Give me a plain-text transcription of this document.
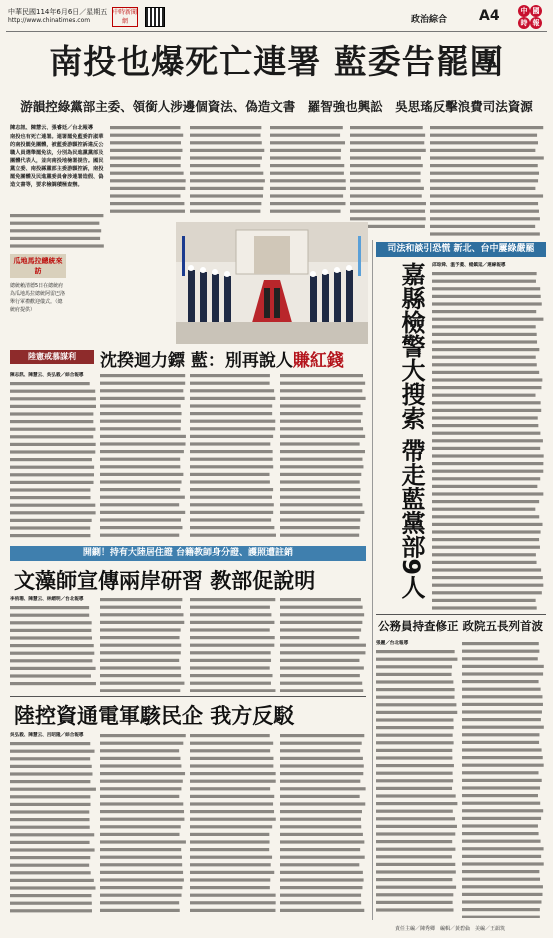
中華民國114年6月6日／星期五
http://www.chinatimes.com
中時新聞網	政治綜合 A4	中 國
時 報
南投也爆死亡連署 藍委告罷團
游韻控綠黨部主委、領銜人涉邊個資法、偽造文書　羅智強也興訟　吳思瑤反擊浪費司法資源
陳志訊、陳慧云、張睿廷／台北報導
南投也有死亡連署。連署罷免藍委許淑華的南投罷免團體，被藍委游顥控訴違反公職人員選舉罷免法，分別為民進黨黨部及團體代表人，並向南投地檢署提告。國民黨立委、南投縣黨部主委游顥控訴，南投罷免團體及民進黨委員會涉連署造假、偽造文書等，要求檢調積極查辦。
瓜地馬拉總統來訪
總統賴清德5日在總統府為瓜地馬拉總統阿雷巴洛舉行軍禮歡迎儀式。（總統府提供）
陸憲戒慕謀利	沈揆迴力鏢 藍：別再說人賺紅錢
陳志訊、陳慧云、吳弘毅／綜合報導
開鍘！持有大陸居住證 台籍教師身分證、護照遭註銷
文藻師宣傳兩岸研習 教部促說明
李侑珊、陳慧云、林縉明／台北報導
陸控資通電軍駭民企 我方反駁
吳弘毅、陳慧云、呂昭隆／綜合報導
司法和談引恐慌 新北、台中屢綠嚴罷
邱琮舜、溫予菱、楊鎮延／連線報導
嘉縣檢警大搜索 帶走藍黨部9人
公務員持查修正 政院五長列首波
張麗／台北報導
責任主編／陳秀卿　編輯／黃碧倫　美編／王韻筑
